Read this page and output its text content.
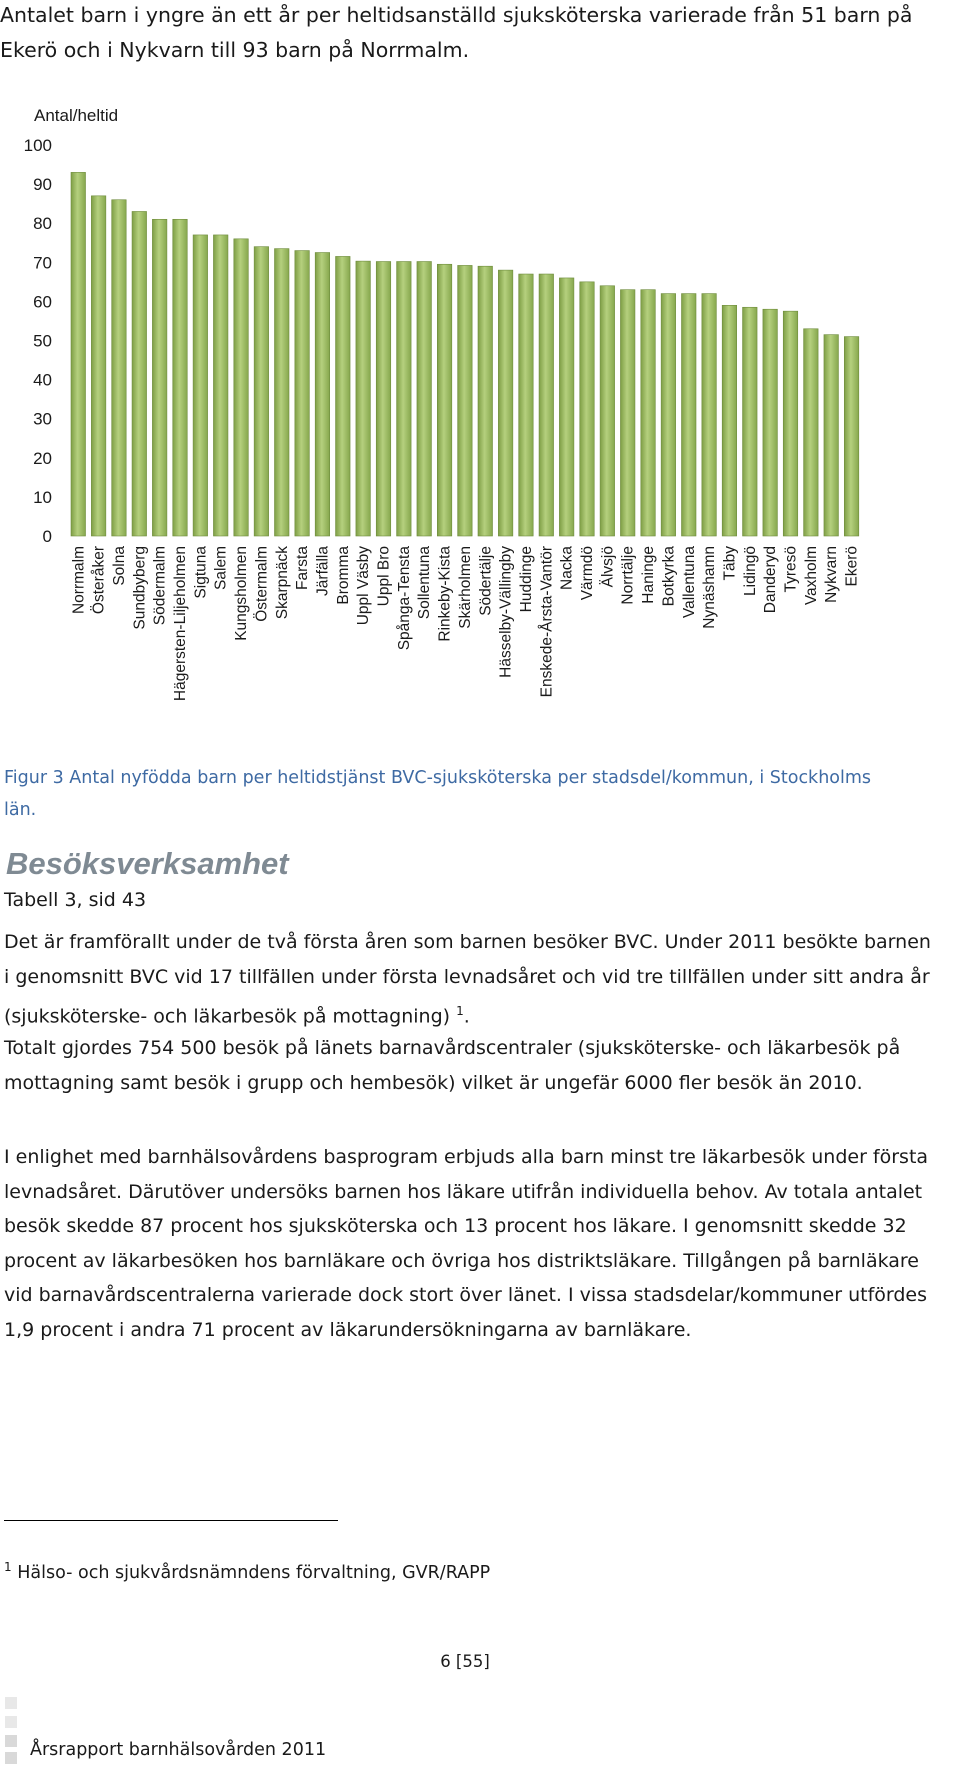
Antalet barn i yngre än ett år per heltidsanställd sjuksköterska varierade från 51 barn på Ekerö och i Nykvarn till 93 barn på Norrmalm.

Antal/heltid
0
10
20
30
40
50
60
70
80
90
100
Norrmalm Österåker Solna Sundbyberg Södermalm Hägersten-Liljeholmen Sigtuna Salem Kungsholmen Östermalm Skarpnäck Farsta Järfälla Bromma Uppl Väsby Uppl Bro Spånga-Tensta Sollentuna Rinkeby-Kista Skärholmen Södertälje Hässelby-Vällingby Huddinge Enskede-Årsta-Vantör Nacka Värmdö Älvsjö Norrtälje Haninge Botkyrka Vallentuna Nynäshamn Täby Lidingö Danderyd Tyresö Vaxholm Nykvarn Ekerö

Figur 3 Antal nyfödda barn per heltidstjänst BVC-sjuksköterska per stadsdel/kommun, i Stockholms län.

Besöksverksamhet

Tabell 3, sid 43

Det är framförallt under de två första åren som barnen besöker BVC. Under 2011 besökte barnen i genomsnitt BVC vid 17 tillfällen under första levnadsåret och vid tre tillfällen under sitt andra år (sjuksköterske- och läkarbesök på mottagning) $^1$.

Totalt gjordes 754 500 besök på länets barnavårdscentraler (sjuksköterske- och läkarbesök på mottagning samt besök i grupp och hembesök) vilket är ungefär 6000 fler besök än 2010.

I enlighet med barnhälsovårdens basprogram erbjuds alla barn minst tre läkarbesök under första levnadsåret. Därutöver undersöks barnen hos läkare utifrån individuella behov. Av totala antalet besök skedde 87 procent hos sjuksköterska och 13 procent hos läkare. I genomsnitt skedde 32 procent av läkarbesöken hos barnläkare och övriga hos distriktsläkare. Tillgången på barnläkare vid barnavårdscentralerna varierade dock stort över länet. I vissa stadsdelar/kommuner utfördes 1,9 procent i andra 71 procent av läkarundersökningarna av barnläkare.

$^1$ Hälso- och sjukvårdsnämndens förvaltning, GVR/RAPP

6 [55]

Årsrapport barnhälsovården 2011
